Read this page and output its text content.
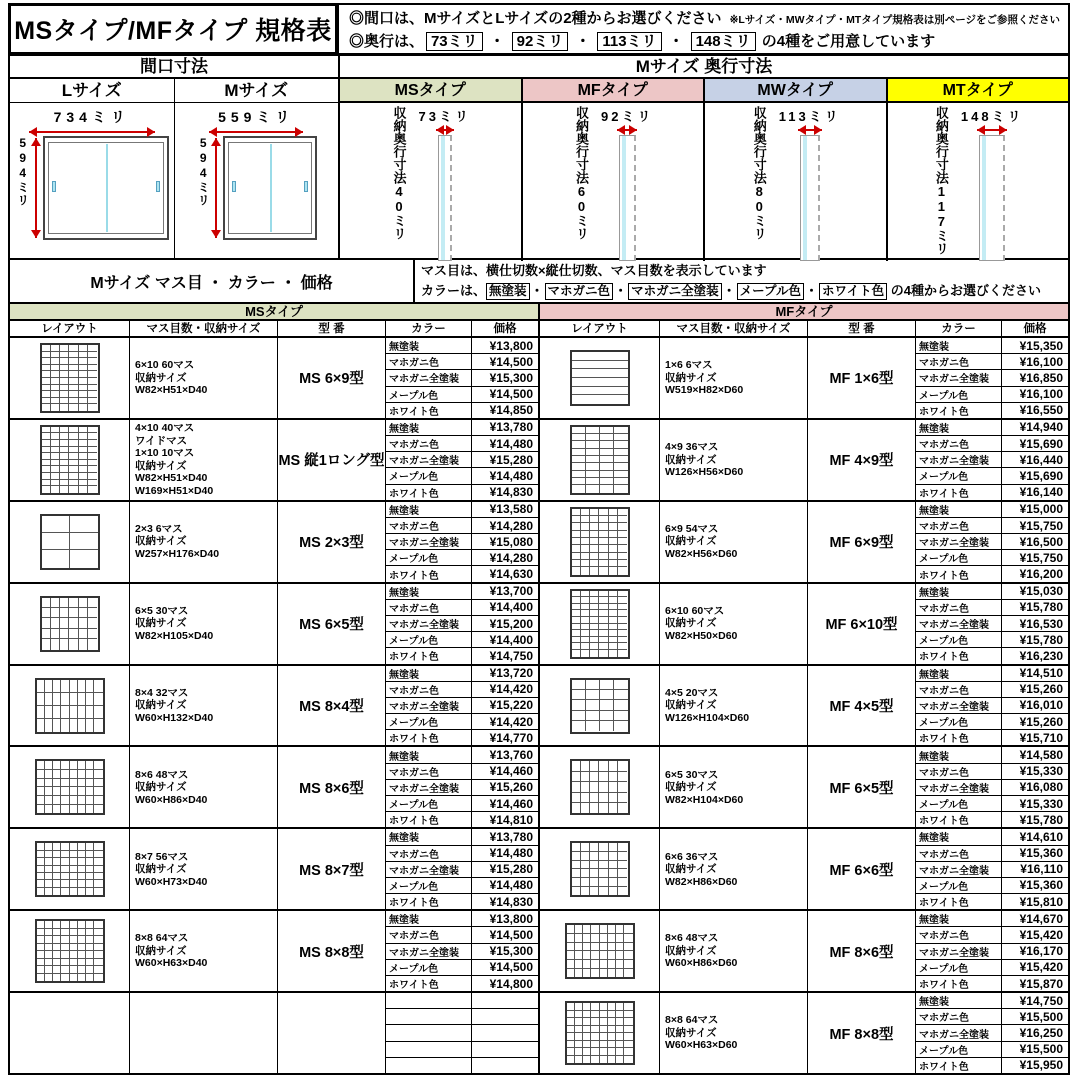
MSタイプ/MFタイプ 規格表	◎間口は、MサイズとLサイズの2種からお選びください ※Lサイズ・MWタイプ・MTタイプ規格表は別ページをご参照ください
◎奥行は、 73ミリ ・ 92ミリ ・ 113ミリ ・ 148ミリ の4種をご用意しています
間口寸法
Lサイズ	Mサイズ
734ミリ
594ミリ
559ミリ
594ミリ
Mサイズ 奥行寸法
MSタイプ	MFタイプ	MWタイプ	MTタイプ
収納奥行寸法40ミリ 73ミリ	収納奥行寸法60ミリ 92ミリ	収納奥行寸法80ミリ 113ミリ	収納奥行寸法117ミリ 148ミリ
Mサイズ マス目 ・ カラー ・ 価格
マス目は、横仕切数×縦仕切数、マス目数を表示しています
カラーは、 無塗装 ・ マホガニ色 ・ マホガニ全塗装 ・ メープル色 ・ ホワイト色 の4種からお選びください
MSタイプ
レイアウト	マス目数・収納サイズ	型 番	カラー	価格
6×10 60マス
収納サイズ
W82×H51×D40
MS 6×9型
無塗装	¥13,800
マホガニ色	¥14,500
マホガニ全塗装	¥15,300
メープル色	¥14,500
ホワイト色	¥14,850
4×10 40マス
ワイドマス
1×10 10マス
収納サイズ
W82×H51×D40
W169×H51×D40
MS 縦1ロング型
無塗装	¥13,780
マホガニ色	¥14,480
マホガニ全塗装	¥15,280
メープル色	¥14,480
ホワイト色	¥14,830
2×3 6マス
収納サイズ
W257×H176×D40
MS 2×3型
無塗装	¥13,580
マホガニ色	¥14,280
マホガニ全塗装	¥15,080
メープル色	¥14,280
ホワイト色	¥14,630
6×5 30マス
収納サイズ
W82×H105×D40
MS 6×5型
無塗装	¥13,700
マホガニ色	¥14,400
マホガニ全塗装	¥15,200
メープル色	¥14,400
ホワイト色	¥14,750
8×4 32マス
収納サイズ
W60×H132×D40
MS 8×4型
無塗装	¥13,720
マホガニ色	¥14,420
マホガニ全塗装	¥15,220
メープル色	¥14,420
ホワイト色	¥14,770
8×6 48マス
収納サイズ
W60×H86×D40
MS 8×6型
無塗装	¥13,760
マホガニ色	¥14,460
マホガニ全塗装	¥15,260
メープル色	¥14,460
ホワイト色	¥14,810
8×7 56マス
収納サイズ
W60×H73×D40
MS 8×7型
無塗装	¥13,780
マホガニ色	¥14,480
マホガニ全塗装	¥15,280
メープル色	¥14,480
ホワイト色	¥14,830
8×8 64マス
収納サイズ
W60×H63×D40
MS 8×8型
無塗装	¥13,800
マホガニ色	¥14,500
マホガニ全塗装	¥15,300
メープル色	¥14,500
ホワイト色	¥14,800
MFタイプ
レイアウト	マス目数・収納サイズ	型 番	カラー	価格
1×6 6マス
収納サイズ
W519×H82×D60
MF 1×6型
無塗装	¥15,350
マホガニ色	¥16,100
マホガニ全塗装	¥16,850
メープル色	¥16,100
ホワイト色	¥16,550
4×9 36マス
収納サイズ
W126×H56×D60
MF 4×9型
無塗装	¥14,940
マホガニ色	¥15,690
マホガニ全塗装	¥16,440
メープル色	¥15,690
ホワイト色	¥16,140
6×9 54マス
収納サイズ
W82×H56×D60
MF 6×9型
無塗装	¥15,000
マホガニ色	¥15,750
マホガニ全塗装	¥16,500
メープル色	¥15,750
ホワイト色	¥16,200
6×10 60マス
収納サイズ
W82×H50×D60
MF 6×10型
無塗装	¥15,030
マホガニ色	¥15,780
マホガニ全塗装	¥16,530
メープル色	¥15,780
ホワイト色	¥16,230
4×5 20マス
収納サイズ
W126×H104×D60
MF 4×5型
無塗装	¥14,510
マホガニ色	¥15,260
マホガニ全塗装	¥16,010
メープル色	¥15,260
ホワイト色	¥15,710
6×5 30マス
収納サイズ
W82×H104×D60
MF 6×5型
無塗装	¥14,580
マホガニ色	¥15,330
マホガニ全塗装	¥16,080
メープル色	¥15,330
ホワイト色	¥15,780
6×6 36マス
収納サイズ
W82×H86×D60
MF 6×6型
無塗装	¥14,610
マホガニ色	¥15,360
マホガニ全塗装	¥16,110
メープル色	¥15,360
ホワイト色	¥15,810
8×6 48マス
収納サイズ
W60×H86×D60
MF 8×6型
無塗装	¥14,670
マホガニ色	¥15,420
マホガニ全塗装	¥16,170
メープル色	¥15,420
ホワイト色	¥15,870
8×8 64マス
収納サイズ
W60×H63×D60
MF 8×8型
無塗装	¥14,750
マホガニ色	¥15,500
マホガニ全塗装	¥16,250
メープル色	¥15,500
ホワイト色	¥15,950
